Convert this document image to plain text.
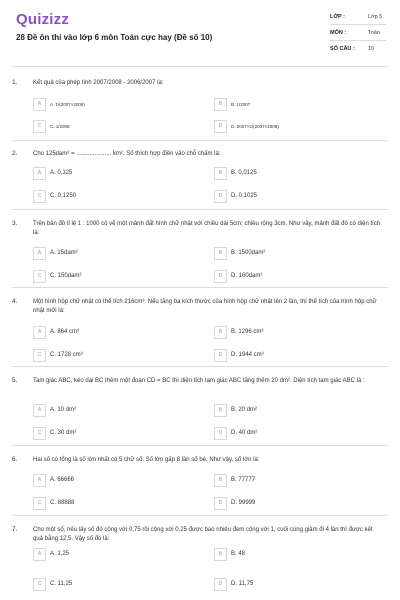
Quizizz
28 Đề ôn thi vào lớp 6 môn Toán cực hay (Đề số 10)
LỚP :	Lớp 5
MÔN :	Toán
SỐ CÂU : 10
1.	Kết quả của phép tính 2007/2008 - 2006/2007 là:
A	A. 1/(2007×2008)	B	B. 1/2007
C	C. 1/2008	D	D. 2007×2/(2007×2008)
2.	Cho 125dam² = ..................... km². Số thích hợp điền vào chỗ chấm là:
A	A. 0,125	B	B. 0,0125
C	C. 0,1250	D	D. 0,1025
3.	Trên bản đồ tỉ lệ 1 : 1000 có vẽ một mảnh đất hình chữ nhật với chiều dài 5cm; chiều rộng 3cm. Như vậy, mảnh đất đó có diện tích là:
A	A. 15dam²	B	B. 1500dam²
C	C. 150dam²	D	D. 160dam²
4.	Một hình hộp chữ nhật có thể tích 216cm³. Nếu tăng ba kích thước của hình hộp chữ nhật lên 2 lần, thì thể tích của hình hộp chữ nhật mới là:
A	A. 864 cm³	B	B. 1296 cm³
C	C. 1728 cm³	D	D. 1944 cm³
5.	Tam giác ABC, kéo dài BC thêm một đoạn CD = BC thì diện tích tam giác ABC tăng thêm 20 dm². Diện tích tam giác ABC là :
A	A. 10 dm²	B	B. 20 dm²
C	C. 30 dm²	D	D. 40 dm²
6.	Hai số có tổng là số lớn nhất có 5 chữ số. Số lớn gấp 8 lần số bé. Như vậy, số lớn là:
A	A. 66666	B	B. 77777
C	C. 88888	D	D. 99999
7.	Cho một số, nếu lấy số đó cộng với 0,75 rồi cộng với 0,25 được bao nhiêu đem cộng với 1, cuối cùng giảm đi 4 lần thì được kết quả bằng 12,5. Vậy số đó là:
A	A. 1,25	B	B. 48
C	C. 11,25	D	D. 11,75
